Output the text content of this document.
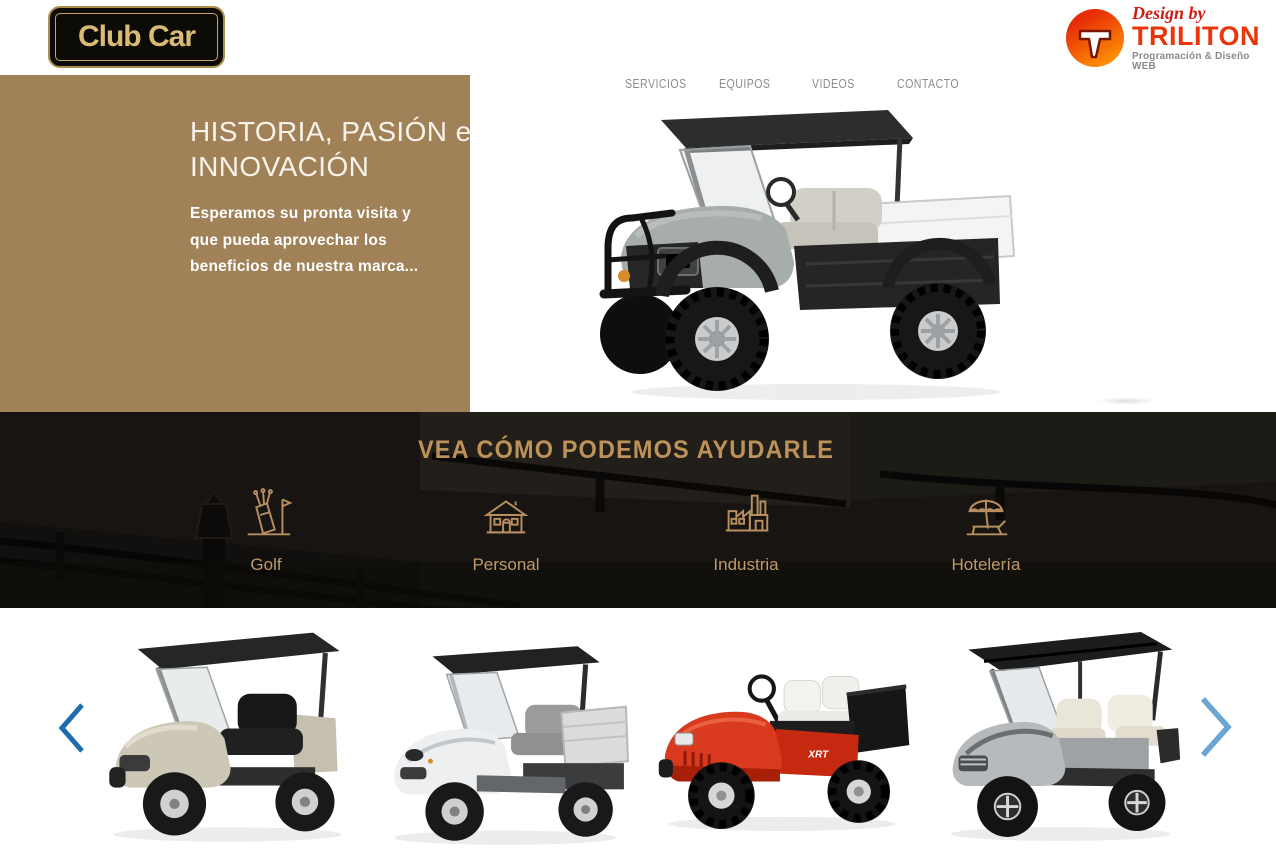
Club Car
Design by
TRILITON
Programación & Diseño WEB
SERVICIOS EQUIPOS	VIDEOS	CONTACTO
HISTORIA, PASIÓN e
INNOVACIÓN
Esperamos su pronta visita y
que pueda aprovechar los
beneficios de nuestra marca...
VEA CÓMO PODEMOS AYUDARLE
Golf	Personal	Industria	Hotelería
XRT
